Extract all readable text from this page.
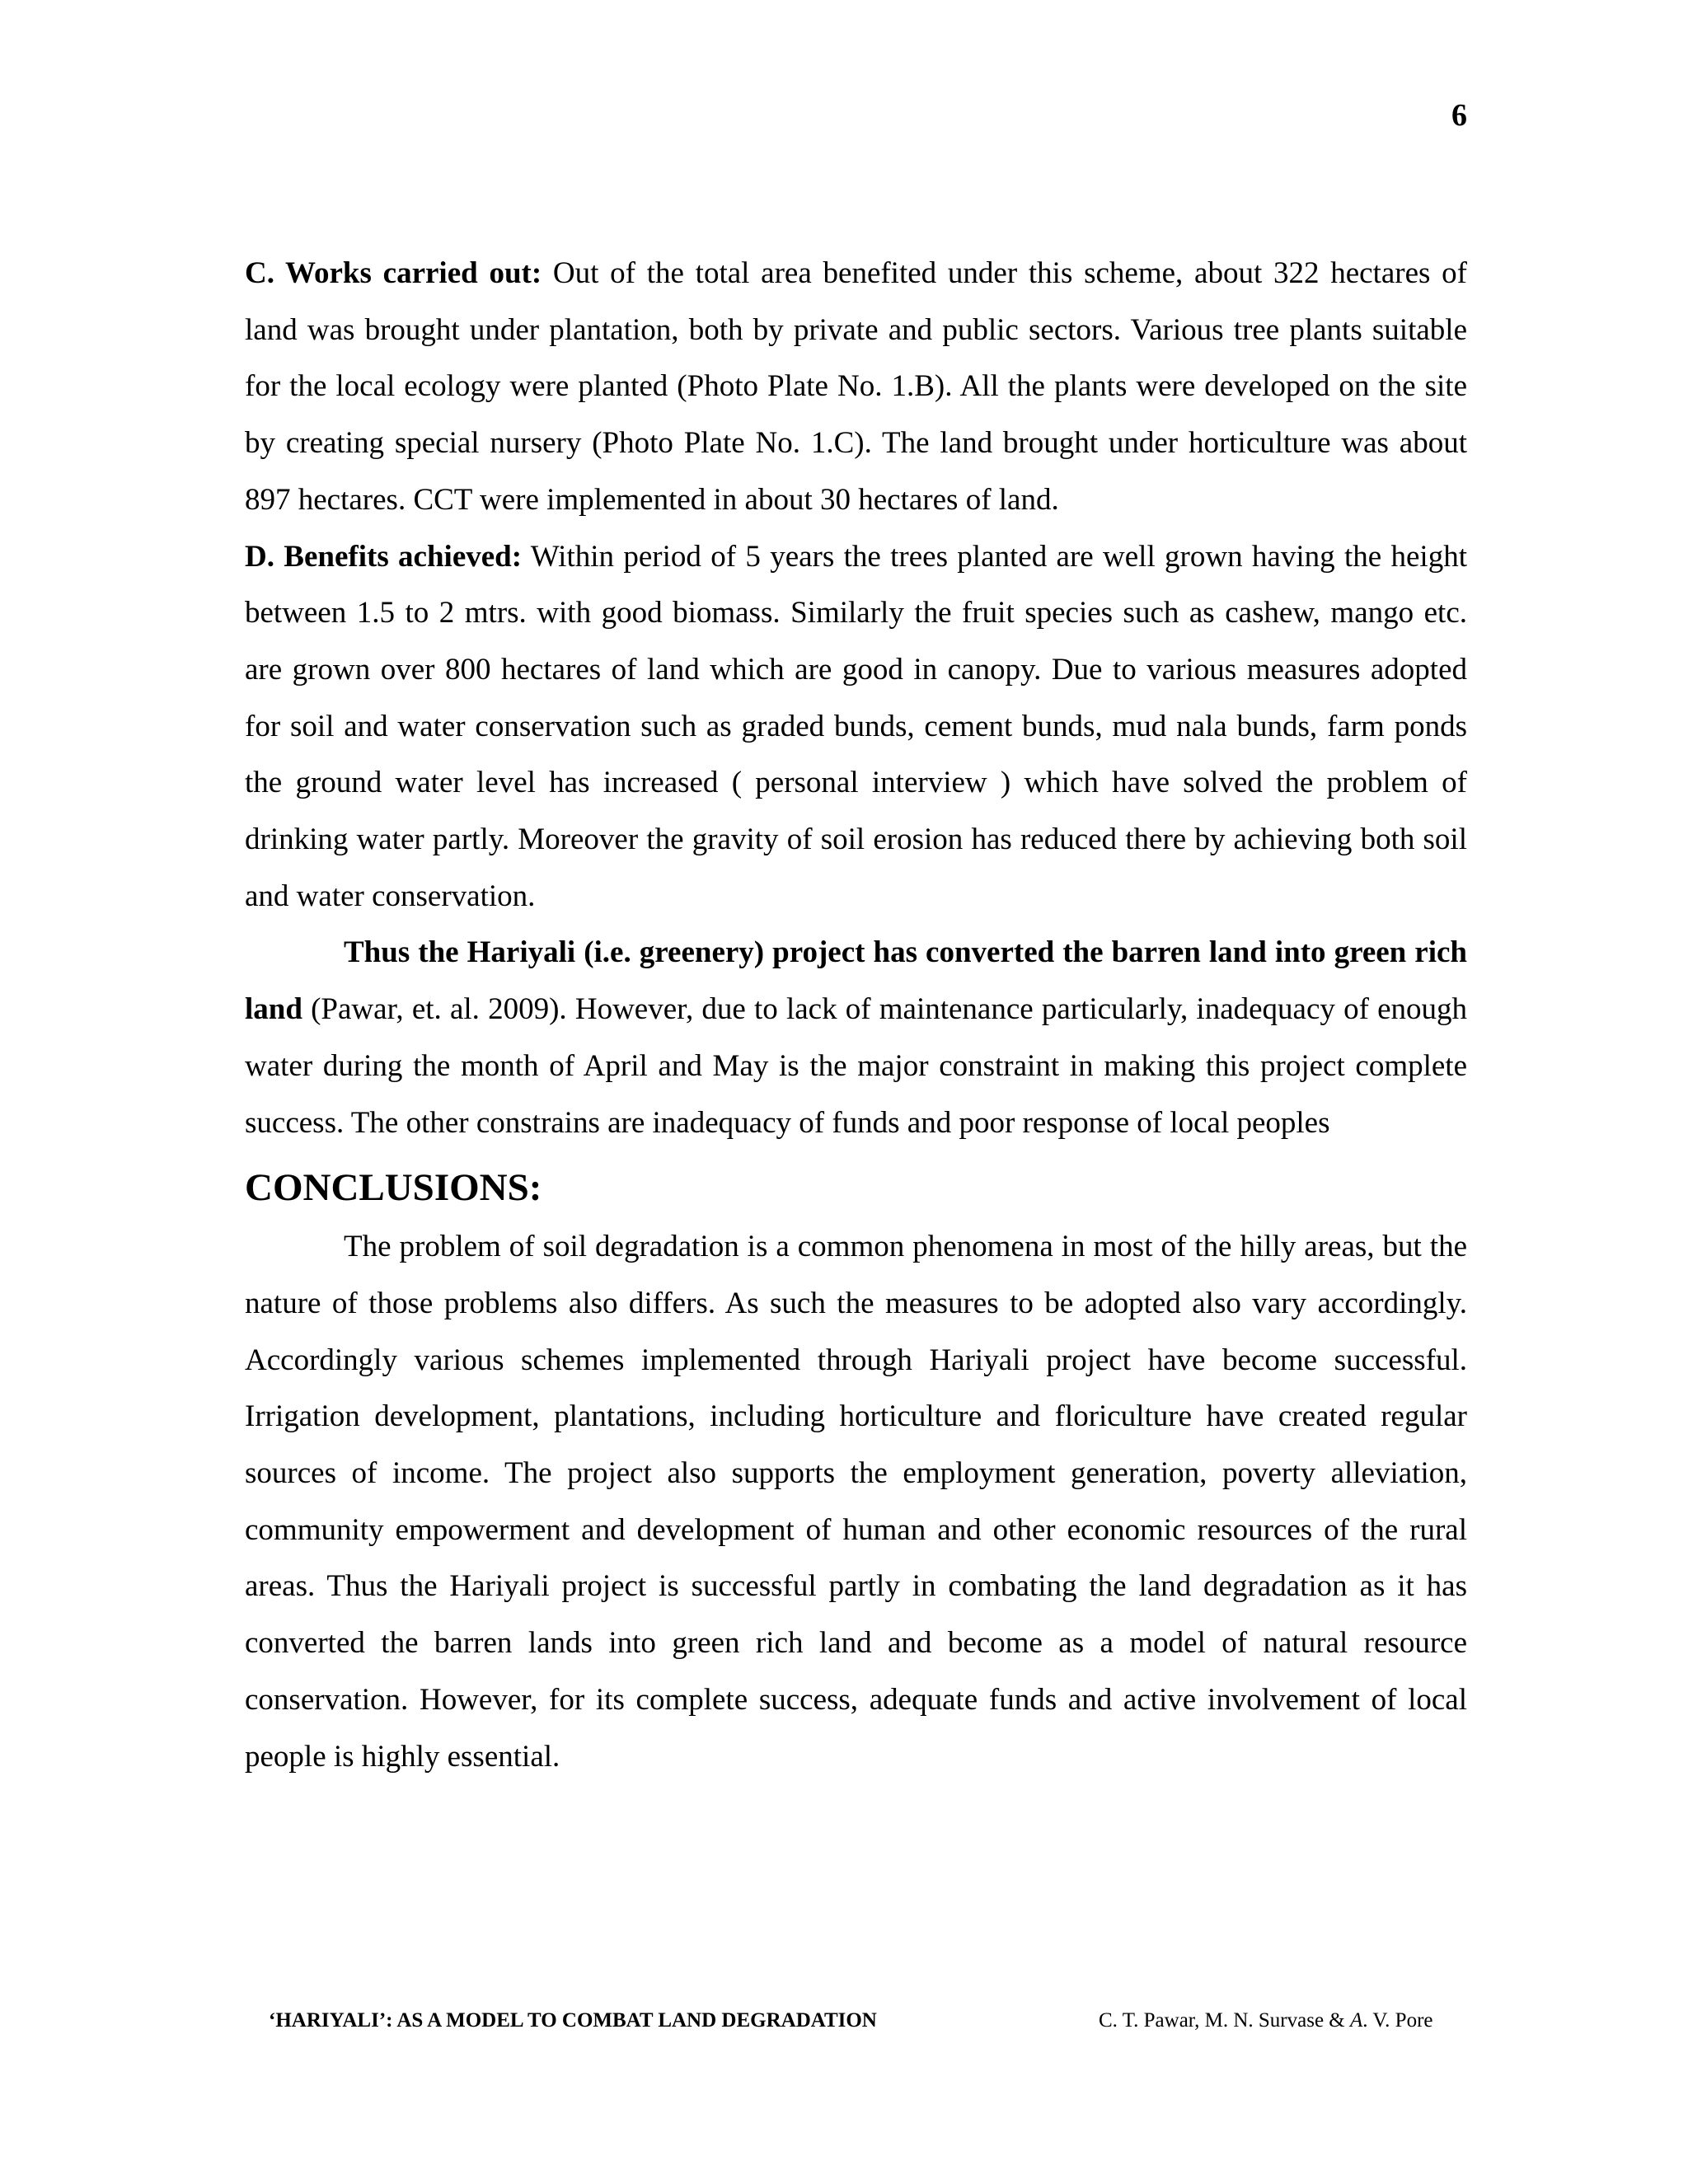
6

C. Works carried out: Out of the total area benefited under this scheme, about 322 hectares of land was brought under plantation, both by private and public sectors. Various tree plants suitable for the local ecology were planted (Photo Plate No. 1.B). All the plants were developed on the site by creating special nursery (Photo Plate No. 1.C). The land brought under horticulture was about 897 hectares. CCT were implemented in about 30 hectares of land.

D. Benefits achieved: Within period of 5 years the trees planted are well grown having the height between 1.5 to 2 mtrs. with good biomass. Similarly the fruit species such as cashew, mango etc. are grown over 800 hectares of land which are good in canopy. Due to various measures adopted for soil and water conservation such as graded bunds, cement bunds, mud nala bunds, farm ponds the ground water level has increased ( personal interview ) which have solved the problem of drinking water partly. Moreover the gravity of soil erosion has reduced there by achieving both soil and water conservation.

Thus the Hariyali (i.e. greenery) project has converted the barren land into green rich land (Pawar, et. al. 2009). However, due to lack of maintenance particularly, inadequacy of enough water during the month of April and May is the major constraint in making this project complete success. The other constrains are inadequacy of funds and poor response of local peoples

CONCLUSIONS:

The problem of soil degradation is a common phenomena in most of the hilly areas, but the nature of those problems also differs. As such the measures to be adopted also vary accordingly. Accordingly various schemes implemented through Hariyali project have become successful. Irrigation development, plantations, including horticulture and floriculture have created regular sources of income. The project also supports the employment generation, poverty alleviation, community empowerment and development of human and other economic resources of the rural areas. Thus the Hariyali project is successful partly in combating the land degradation as it has converted the barren lands into green rich land and become as a model of natural resource conservation. However, for its complete success, adequate funds and active involvement of local people is highly essential.

‘HARIYALI’: AS A MODEL TO COMBAT LAND DEGRADATION	C. T. Pawar, M. N. Survase & A. V. Pore
